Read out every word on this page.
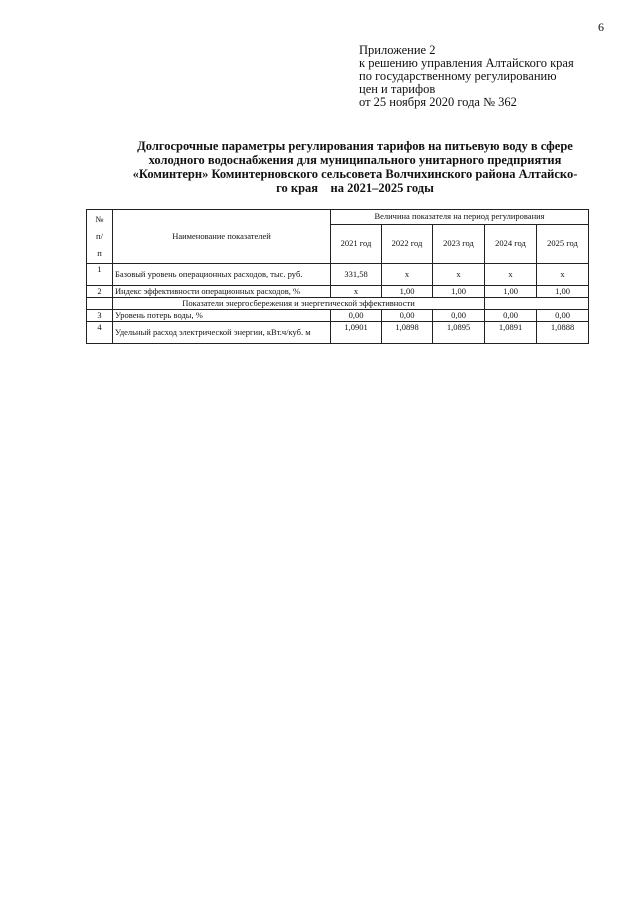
6
Приложение 2
к решению управления Алтайского края
по государственному регулированию
цен и тарифов
от 25 ноября 2020 года № 362
Долгосрочные параметры регулирования тарифов на питьевую воду в сфере
холодного водоснабжения для муниципального унитарного предприятия
«Коминтерн» Коминтерновского сельсовета Волчихинского района Алтайско-
го края    на 2021–2025 годы
№
п/
п	Наименование показателей	Величина показателя на период регулирования				
		2021 год	2022 год	2023 год	2024 год	2025 год
1	Базовый уровень операционных расходов, тыс. руб.	331,58	x	x	x	x
2	Индекс эффективности операционных расходов, %	x	1,00	1,00	1,00	1,00
	Показатели энергосбережения и энергетической эффективности					
3	Уровень потерь воды, %	0,00	0,00	0,00	0,00	0,00
4	Удельный расход электрической энергии, кВт.ч/куб. м	1,0901	1,0898	1,0895	1,0891	1,0888
